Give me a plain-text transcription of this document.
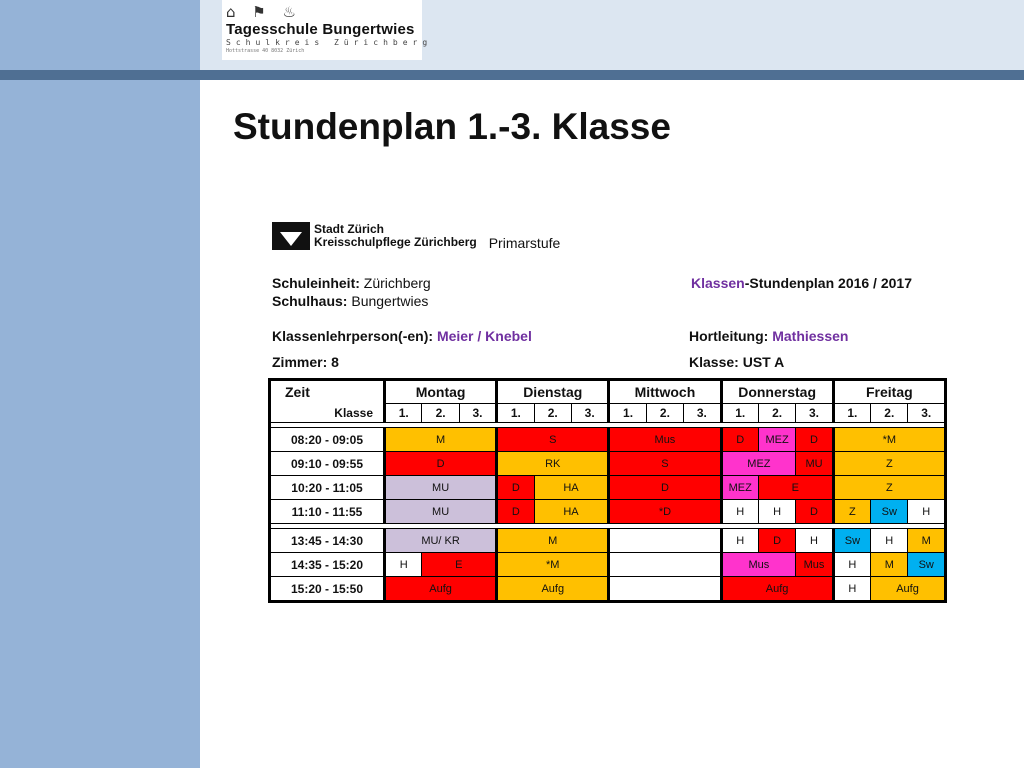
⌂ ⚑ ♨
Tagesschule Bungertwies
Schulkreis Zürichberg
Hottstrasse 40 8032 Zürich
Stundenplan 1.-3. Klasse
Stadt Zürich
Kreisschulpflege Zürichberg Primarstufe
Schuleinheit: Zürichberg
Schulhaus: Bungertwies
Klassen-Stundenplan 2016 / 2017
Klassenlehrperson(-en): Meier / Knebel
Zimmer: 8
Hortleitung: Mathiessen
Klasse: UST A
Zeit	Montag			Dienstag			Mittwoch			Donnerstag			Freitag		
Klasse	1.	2.	3.	1.	2.	3.	1.	2.	3.	1.	2.	3.	1.	2.	3.

08:20 - 09:05	M			S			Mus			D	MEZ	D	*M		
09:10 - 09:55	D			RK			S			MEZ		MU	Z		
10:20 - 11:05	MU			D	HA		D			MEZ	E		Z		
11:10 - 11:55	MU			D	HA		*D			H	H	D	Z	Sw	H

13:45 - 14:30	MU/ KR			M						H	D	H	Sw	H	M
14:35 - 15:20	H	E		*M						Mus		Mus	H	M	Sw
15:20 - 15:50	Aufg			Aufg						Aufg			H	Aufg	
